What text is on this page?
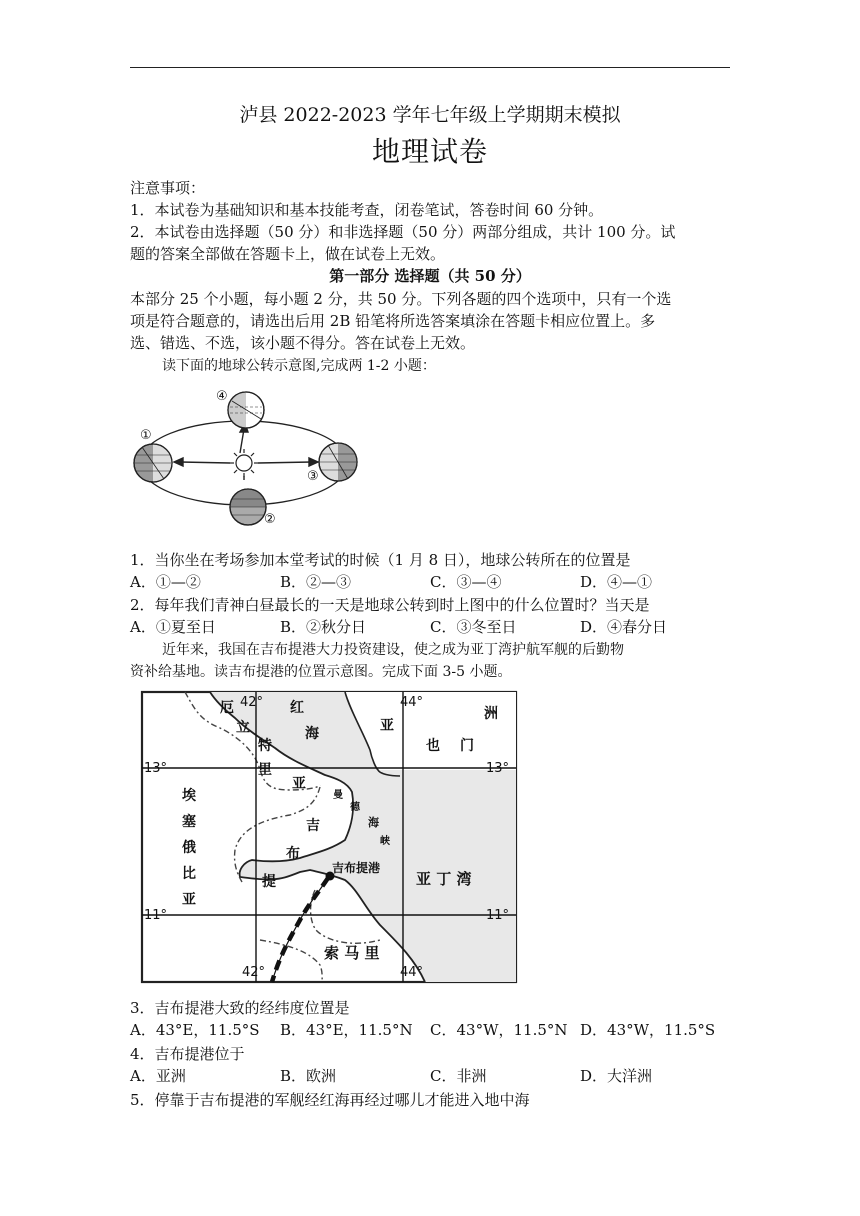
泸县 2022-2023 学年七年级上学期期末模拟
地理试卷
注意事项：
1．本试卷为基础知识和基本技能考查，闭卷笔试，答卷时间 60 分钟。
2．本试卷由选择题（50 分）和非选择题（50 分）两部分组成，共计 100 分。试
题的答案全部做在答题卡上，做在试卷上无效。
第一部分 选择题（共 50 分）
本部分 25 个小题，每小题 2 分，共 50 分。下列各题的四个选项中，只有一个选
项是符合题意的，请选出后用 2B 铅笔将所选答案填涂在答题卡相应位置上。多
选、错选、不选，该小题不得分。答在试卷上无效。
读下面的地球公转示意图,完成两 1-2 小题：
①
②
③
④
1．当你坐在考场参加本堂考试的时候（1 月 8 日），地球公转所在的位置是
A．①—②	B．②—③	C．③—④	D．④—①
2．每年我们青神白昼最长的一天是地球公转到时上图中的什么位置时？当天是
A．①夏至日	B．②秋分日	C．③冬至日	D．④春分日
近年来，我国在吉布提港大力投资建设，使之成为亚丁湾护航军舰的后勤物
资补给基地。读吉布提港的位置示意图。完成下面 3-5 小题。
42°	44°
42°	44°
13°	13°
11°	11°
厄
立
特
里
亚
红
海	亚
洲
也 门
埃
塞
俄
比
亚
吉
布
提
曼
德
海
峡
吉布提港
亚 丁 湾
索 马 里
3．吉布提港大致的经纬度位置是
A．43°E，11.5°S B．43°E，11.5°N C．43°W，11.5°N D．43°W，11.5°S
4．吉布提港位于
A．亚洲	B．欧洲	C．非洲	D．大洋洲
5．停靠于吉布提港的军舰经红海再经过哪儿才能进入地中海
